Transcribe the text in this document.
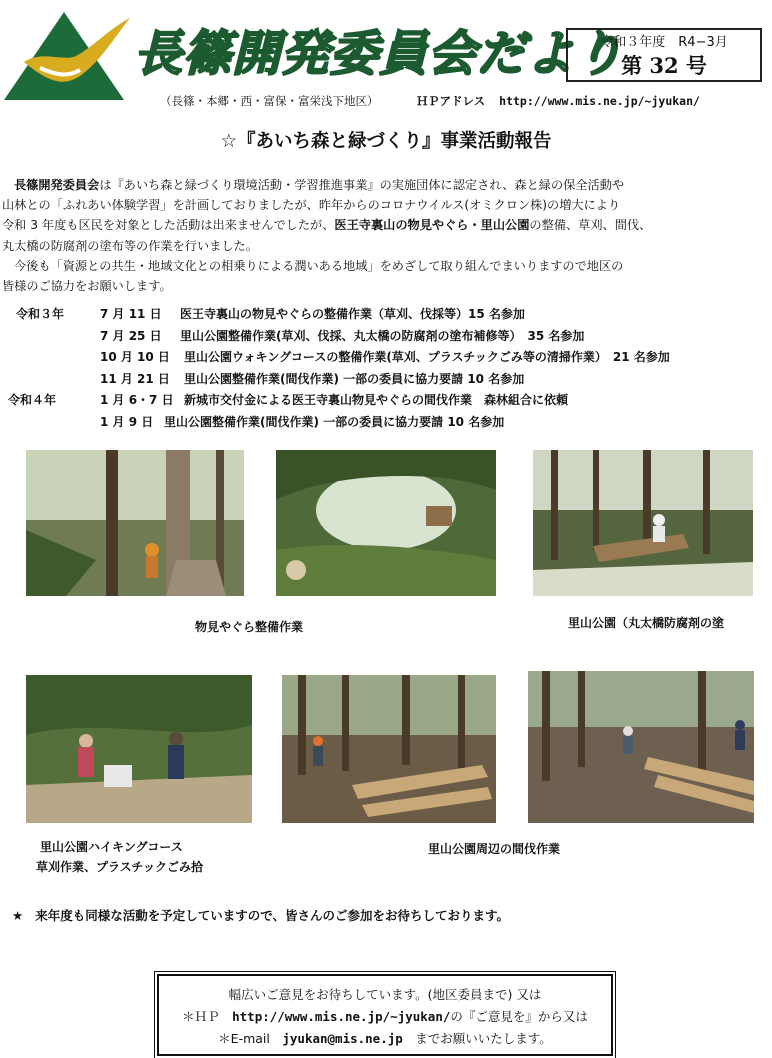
長篠開発委員会だより
令和３年度　R4−3月
第 32 号
（長篠・本郷・西・富保・富栄浅下地区）	ＨＰアドレス http://www.mis.ne.jp/~jyukan/
☆『あいち森と緑づくり』事業活動報告

長篠開発委員会は『あいち森と緑づくり環境活動・学習推進事業』の実施団体に認定され、森と緑の保全活動や

山林との「ふれあい体験学習」を計画しておりましたが、昨年からのコロナウイルス(オミクロン株)の増大により

令和 3 年度も区民を対象とした活動は出来ませんでしたが、医王寺裏山の物見やぐら・里山公園の整備、草刈、間伐、

丸太橋の防腐剤の塗布等の作業を行いました。

今後も「資源との共生・地域文化との相乗りによる潤いある地域」をめざして取り組んでまいりますので地区の

皆様のご協力をお願いします。

令和３年	7 月 11 日 医王寺裏山の物見やぐらの整備作業（草刈、伐採等）15 名参加
7 月 25 日 里山公園整備作業(草刈、伐採、丸太橋の防腐剤の塗布補修等）　35 名参加
10 月 10 日 里山公園ウォキングコースの整備作業(草刈、プラスチックごみ等の清掃作業）　21 名参加
11 月 21 日 里山公園整備作業(間伐作業) 一部の委員に協力要請 10 名参加
令和４年	1 月 6・7 日 新城市交付金による医王寺裏山物見やぐらの間伐作業　森林組合に依頼
1 月 9 日 里山公園整備作業(間伐作業) 一部の委員に協力要請 10 名参加
物見やぐら整備作業	里山公園（丸太橋防腐剤の塗
里山公園ハイキングコース
草刈作業、プラスチックごみ拾
里山公園周辺の間伐作業
★ 来年度も同様な活動を予定していますので、皆さんのご参加をお待ちしております。
幅広いご意見をお待ちしています。(地区委員まで) 又は
＊ＨＰ　http://www.mis.ne.jp/~jyukan/の『ご意見を』から又は
＊E-mail　jyukan@mis.ne.jp　までお願いいたします。
